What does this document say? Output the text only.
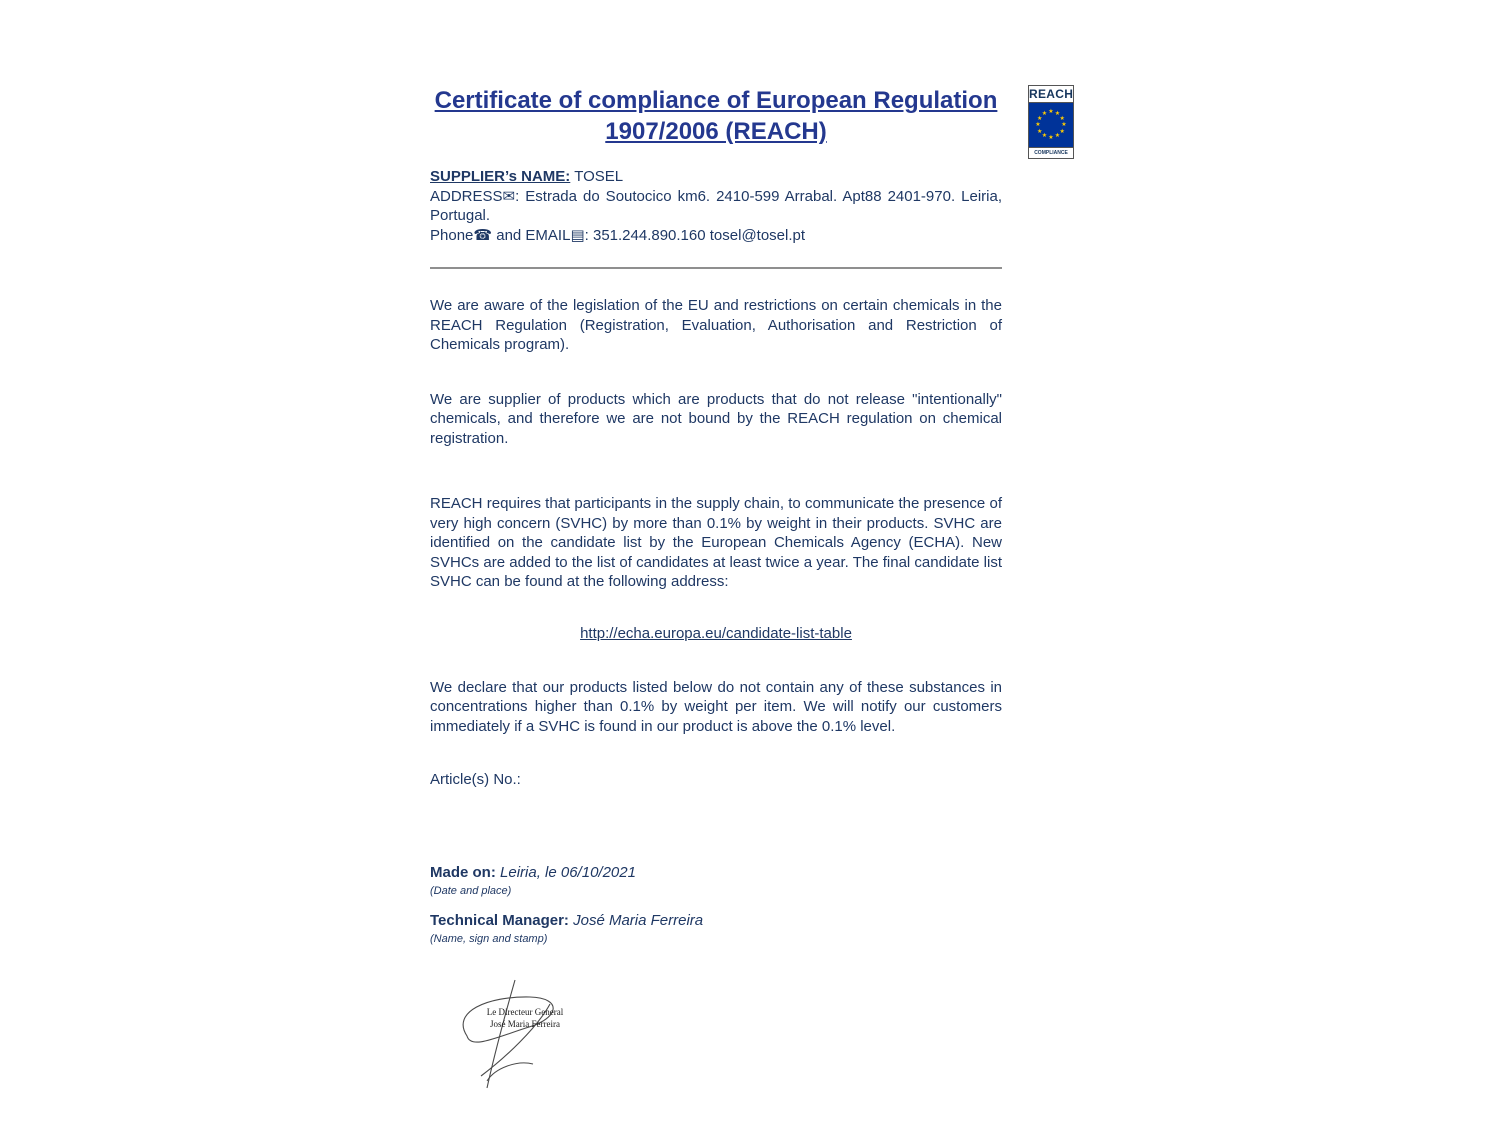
REACH
★ ★
★
★
★
★
★
★
★
★
★
★
COMPLIANCE
Certificate of compliance of European Regulation
1907/2006 (REACH)
SUPPLIER’s NAME: TOSEL
ADDRESS✉: Estrada do Soutocico km6. 2410-599 Arrabal. Apt88 2401-970. Leiria, Portugal.
Phone☎ and EMAIL▤: 351.244.890.160 tosel@tosel.pt

We are aware of the legislation of the EU and restrictions on certain chemicals in the REACH Regulation (Registration, Evaluation, Authorisation and Restriction of Chemicals program).

We are supplier of products which are products that do not release "intentionally" chemicals, and therefore we are not bound by the REACH regulation on chemical registration.

REACH requires that participants in the supply chain, to communicate the presence of very high concern (SVHC) by more than 0.1% by weight in their products. SVHC are identified on the candidate list by the European Chemicals Agency (ECHA). New SVHCs are added to the list of candidates at least twice a year. The final candidate list SVHC can be found at the following address:

http://echa.europa.eu/candidate-list-table

We declare that our products listed below do not contain any of these substances in concentrations higher than 0.1% by weight per item. We will notify our customers immediately if a SVHC is found in our product is above the 0.1% level.

Article(s) No.:
Made on: Leiria, le 06/10/2021
(Date and place)
Technical Manager: José Maria Ferreira
(Name, sign and stamp)
Le Directeur General
José Maria Ferreira
